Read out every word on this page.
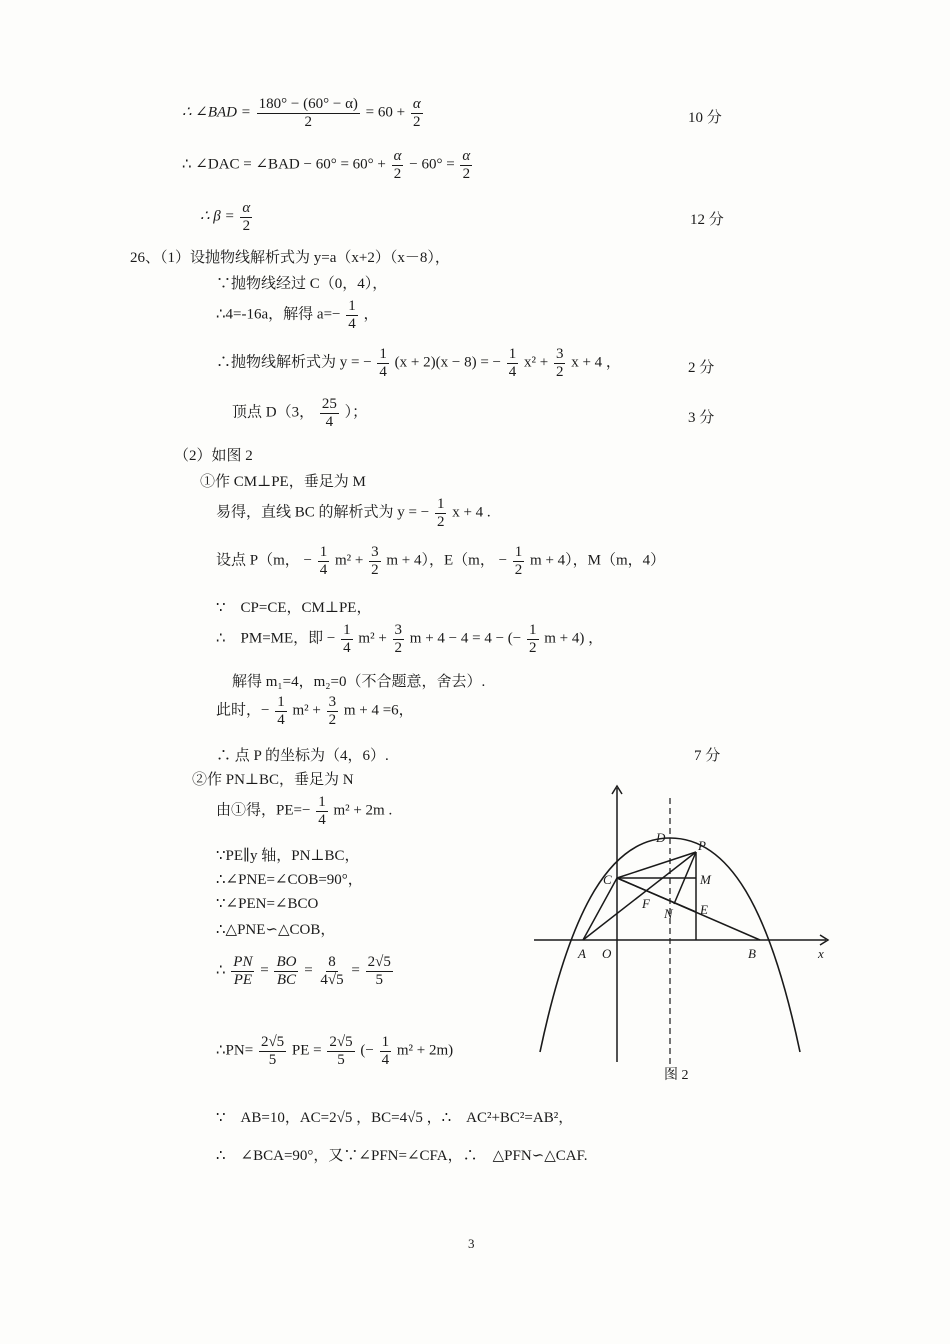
∴ ∠BAD = $\frac{180^\circ - (60^\circ - \alpha)}{2} = 60 + \frac{\alpha}{2}$	10 分
∴ ∠DAC = ∠BAD − $60^\circ = 60^\circ + \frac{\alpha}{2} - 60^\circ = \frac{\alpha}{2}$
∴ $\beta = \frac{\alpha}{2}$	12 分
26、（1）设抛物线解析式为 y=a（x+2）（x－8），
∵抛物线经过 C（0，4），
∴4=-16a，解得 $a=- \frac{1}{4}$ ，
∴抛物线解析式为 y = − $\frac{1}{4} (x + 2)(x - 8)$ = − $\frac{1}{4} x^2 + \frac{3}{2}$ x + 4 ，	2 分
顶点 D（3， $\frac{25}{4}$ ）；	3 分
（2）如图 2
①作 CM⊥PE，垂足为 M
易得，直线 BC 的解析式为 y = − $\frac{1}{2}$ x + 4 .
设点 P（m， − $\frac{1}{4} m^2 + \frac{3}{2}$ m + 4），E（m， − $\frac{1}{2}$ m + 4），M（m，4）
∵　CP=CE，CM⊥PE，
∴　PM=ME，即 − $\frac{1}{4} m^2 + \frac{3}{2}$ m + 4 − 4 = 4 − (− $\frac{1}{2}$ m + 4) ，
解得 m₁=4，m₂=0（不合题意，舍去）.
此时，− $\frac{1}{4} m^2 + \frac{3}{2}$ m + 4 =6，
∴ 点 P 的坐标为（4，6）.	7 分
②作 PN⊥BC，垂足为 N
由①得，$PE=- \frac{1}{4} m^2 + 2m$ .
∵PE∥y 轴，PN⊥BC，
∴∠PNE=∠COB=90°，
∵∠PEN=∠BCO
∴△PNE∽△COB，
∴ $\frac{PN}{PE} = \frac{BO}{BC} = \frac{8}{4√5} = \frac{2√5}{5}$
∴PN= $\frac{2√5}{5}$ PE = $\frac{2√5}{5}$ (− $\frac{1}{4} m^2 + 2m$)
∵　AB=10，AC=2√5 ，BC=4√5 ，∴　AC²+BC²=AB²，
∴　∠BCA=90°，又∵∠PFN=∠CFA，∴　△PFN∽△CAF.
D
P
C	M
F
N E
A O	B	x
图 2
3
